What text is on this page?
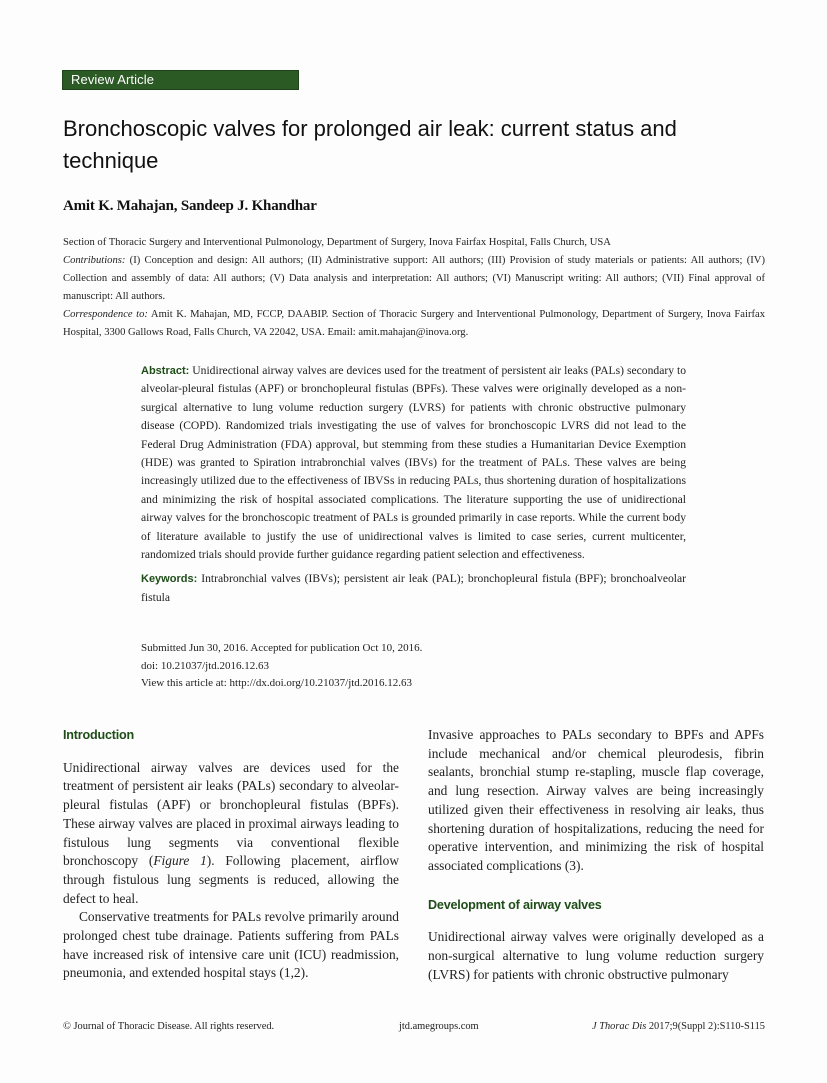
Review Article
Bronchoscopic valves for prolonged air leak: current status and technique
Amit K. Mahajan, Sandeep J. Khandhar

Section of Thoracic Surgery and Interventional Pulmonology, Department of Surgery, Inova Fairfax Hospital, Falls Church, USA

Contributions: (I) Conception and design: All authors; (II) Administrative support: All authors; (III) Provision of study materials or patients: All authors; (IV) Collection and assembly of data: All authors; (V) Data analysis and interpretation: All authors; (VI) Manuscript writing: All authors; (VII) Final approval of manuscript: All authors.

Correspondence to: Amit K. Mahajan, MD, FCCP, DAABIP. Section of Thoracic Surgery and Interventional Pulmonology, Department of Surgery, Inova Fairfax Hospital, 3300 Gallows Road, Falls Church, VA 22042, USA. Email: amit.mahajan@inova.org.

Abstract: Unidirectional airway valves are devices used for the treatment of persistent air leaks (PALs) secondary to alveolar-pleural fistulas (APF) or bronchopleural fistulas (BPFs). These valves were originally developed as a non-surgical alternative to lung volume reduction surgery (LVRS) for patients with chronic obstructive pulmonary disease (COPD). Randomized trials investigating the use of valves for bronchoscopic LVRS did not lead to the Federal Drug Administration (FDA) approval, but stemming from these studies a Humanitarian Device Exemption (HDE) was granted to Spiration intrabronchial valves (IBVs) for the treatment of PALs. These valves are being increasingly utilized due to the effectiveness of IBVSs in reducing PALs, thus shortening duration of hospitalizations and minimizing the risk of hospital associated complications. The literature supporting the use of unidirectional airway valves for the bronchoscopic treatment of PALs is grounded primarily in case reports. While the current body of literature available to justify the use of unidirectional valves is limited to case series, current multicenter, randomized trials should provide further guidance regarding patient selection and effectiveness.

Keywords: Intrabronchial valves (IBVs); persistent air leak (PAL); bronchopleural fistula (BPF); bronchoalveolar fistula

Submitted Jun 30, 2016. Accepted for publication Oct 10, 2016.

doi: 10.21037/jtd.2016.12.63

View this article at: http://dx.doi.org/10.21037/jtd.2016.12.63

Introduction

Unidirectional airway valves are devices used for the treatment of persistent air leaks (PALs) secondary to alveolar-pleural fistulas (APF) or bronchopleural fistulas (BPFs). These airway valves are placed in proximal airways leading to fistulous lung segments via conventional flexible bronchoscopy (Figure 1). Following placement, airflow through fistulous lung segments is reduced, allowing the defect to heal.

Conservative treatments for PALs revolve primarily around prolonged chest tube drainage. Patients suffering from PALs have increased risk of intensive care unit (ICU) readmission, pneumonia, and extended hospital stays (1,2).

Invasive approaches to PALs secondary to BPFs and APFs include mechanical and/or chemical pleurodesis, fibrin sealants, bronchial stump re-stapling, muscle flap coverage, and lung resection. Airway valves are being increasingly utilized given their effectiveness in resolving air leaks, thus shortening duration of hospitalizations, reducing the need for operative intervention, and minimizing the risk of hospital associated complications (3).

Development of airway valves

Unidirectional airway valves were originally developed as a non-surgical alternative to lung volume reduction surgery (LVRS) for patients with chronic obstructive pulmonary

© Journal of Thoracic Disease. All rights reserved.	jtd.amegroups.com	J Thorac Dis 2017;9(Suppl 2):S110-S115
